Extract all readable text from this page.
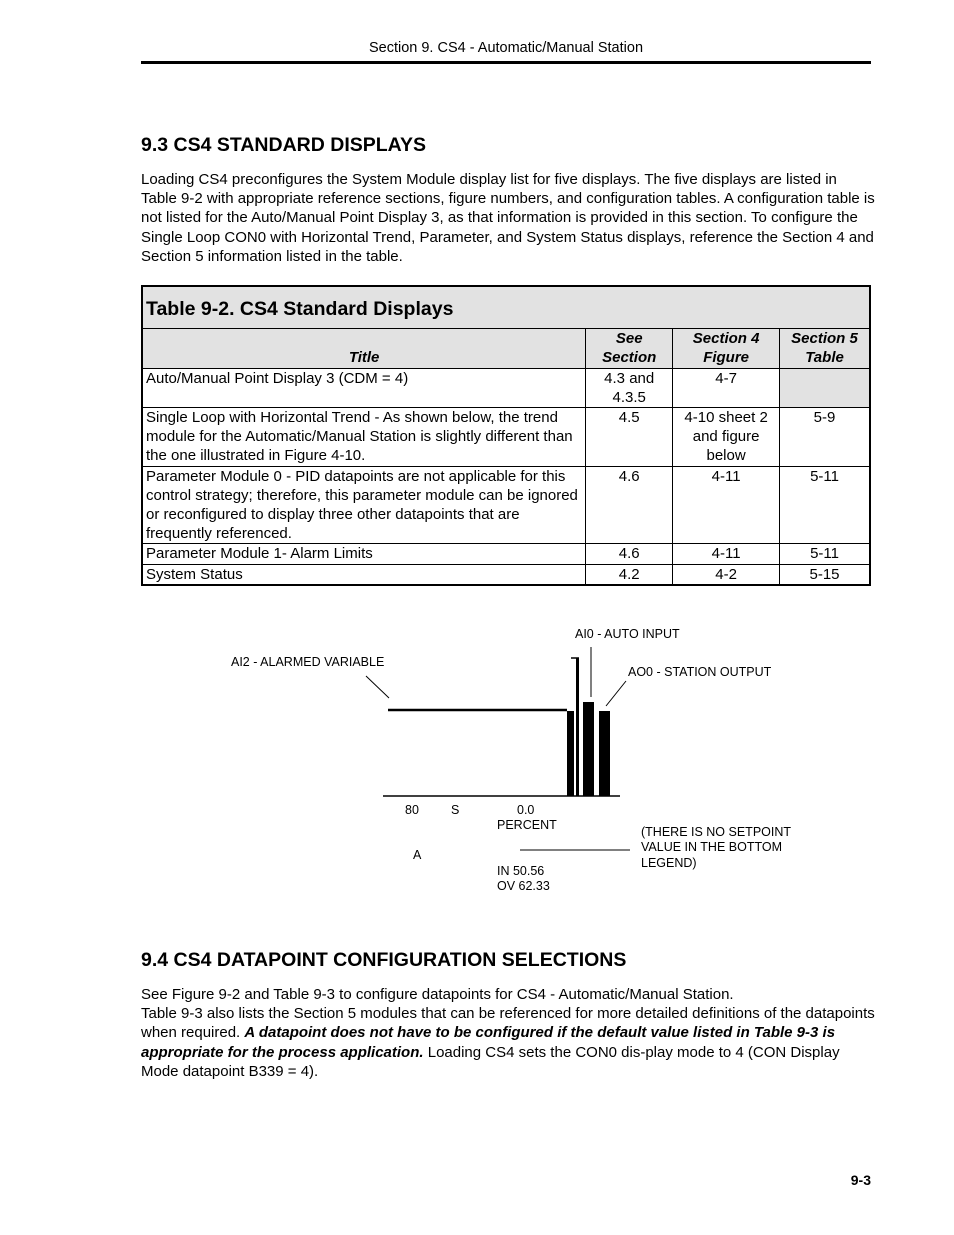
Section 9. CS4 - Automatic/Manual Station
9.3 CS4 STANDARD DISPLAYS

Loading CS4 preconfigures the System Module display list for five displays. The five displays are listed in Table 9-2 with appropriate reference sections, figure numbers, and configuration tables. A configuration table is not listed for the Auto/Manual Point Display 3, as that information is provided in this section. To configure the Single Loop CON0 with Horizontal Trend, Parameter, and System Status displays, reference the Section 4 and Section 5 information listed in the table.

Table 9-2. CS4 Standard Displays			
Title	See Section	Section 4 Figure	Section 5 Table
Auto/Manual Point Display 3 (CDM = 4)	4.3 and 4.3.5	4-7	
Single Loop with Horizontal Trend - As shown below, the trend module for the Automatic/Manual Station is slightly different than the one illustrated in Figure 4-10.	4.5	4-10 sheet 2 and figure below	5-9
Parameter Module 0 - PID datapoints are not applicable for this control strategy; therefore, this parameter module can be ignored or reconfigured to display three other datapoints that are frequently referenced.	4.6	4-11	5-11
Parameter Module 1- Alarm Limits	4.6	4-11	5-11
System Status	4.2	4-2	5-15
AI0 - AUTO INPUT
AI2 - ALARMED VARIABLE
AO0 - STATION OUTPUT
80	S	0.0
PERCENT
A
IN 50.56
OV 62.33
(THERE IS NO SETPOINT
VALUE IN THE BOTTOM
LEGEND)
9.4 CS4 DATAPOINT CONFIGURATION SELECTIONS

See Figure 9-2 and Table 9-3 to configure datapoints for CS4 - Automatic/Manual Station.

Table 9-3 also lists the Section 5 modules that can be referenced for more detailed definitions of the datapoints when required. A datapoint does not have to be configured if the default value listed in Table 9-3 is appropriate for the process application. Loading CS4 sets the CON0 dis-play mode to 4 (CON Display Mode datapoint B339 = 4).

9-3
